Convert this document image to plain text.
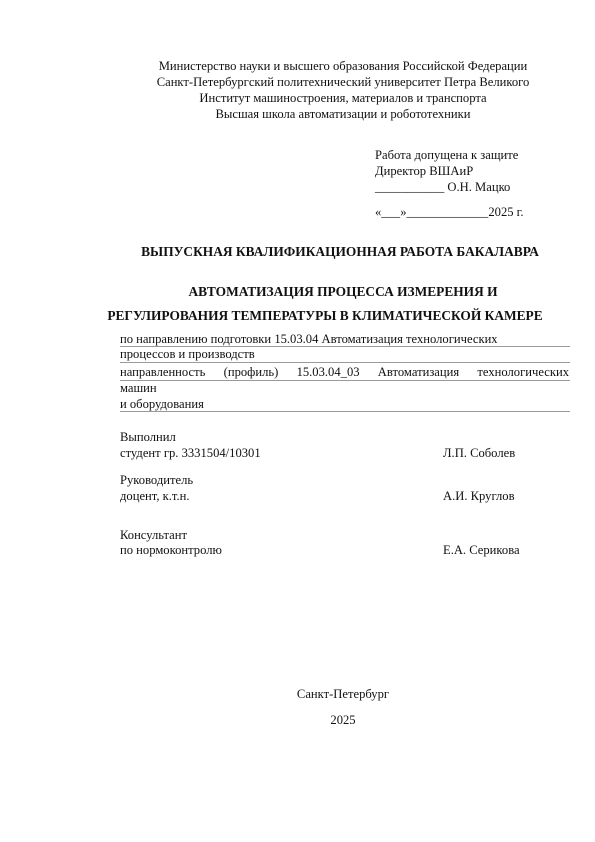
Министерство науки и высшего образования Российской Федерации
Санкт-Петербургский политехнический университет Петра Великого
Институт машиностроения, материалов и транспорта
Высшая школа автоматизации и робототехники
Работа допущена к защите
Директор ВШАиР
___________ О.Н. Мацко
«___»_____________2025 г.
ВЫПУСКНАЯ КВАЛИФИКАЦИОННАЯ РАБОТА БАКАЛАВРА
АВТОМАТИЗАЦИЯ ПРОЦЕССА ИЗМЕРЕНИЯ И
РЕГУЛИРОВАНИЯ ТЕМПЕРАТУРЫ В КЛИМАТИЧЕСКОЙ КАМЕРЕ
по направлению подготовки 15.03.04 Автоматизация технологических
процессов и производств
направленность (профиль) 15.03.04_03 Автоматизация технологических
машин
и оборудования
Выполнил
студент гр. 3331504/10301	Л.П. Соболев
Руководитель
доцент, к.т.н.	А.И. Круглов
Консультант
по нормоконтролю	Е.А. Серикова
Санкт-Петербург
2025
